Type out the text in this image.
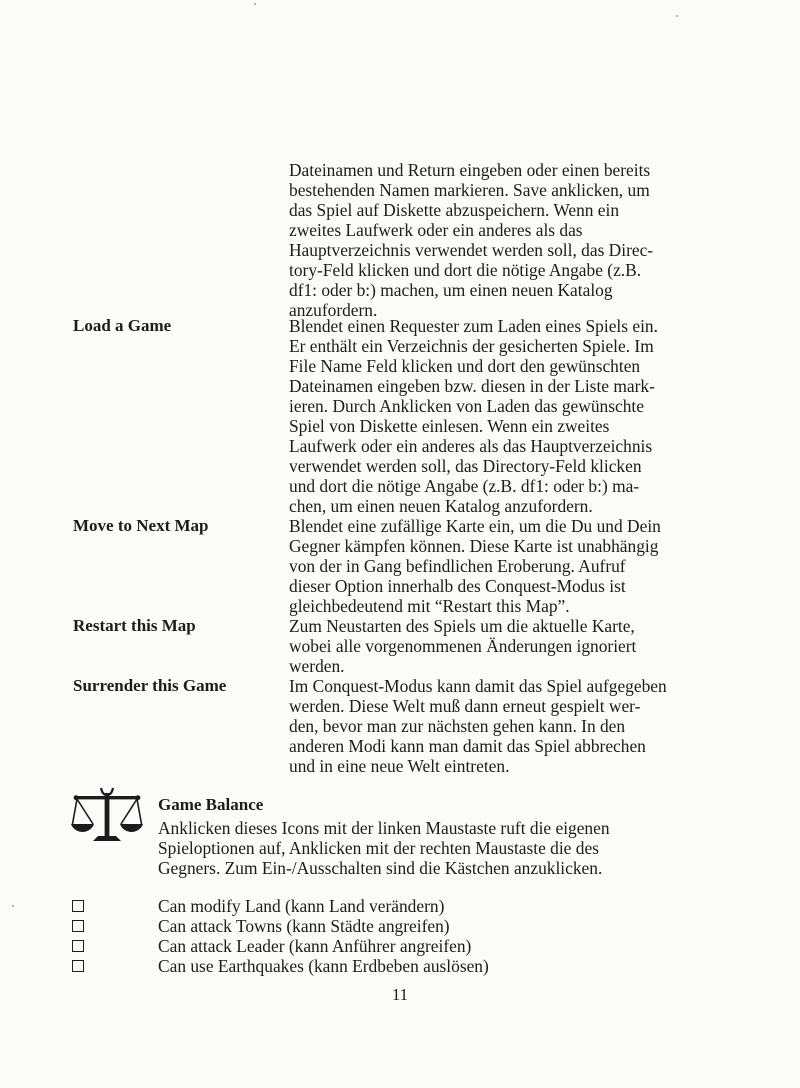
Dateinamen und Return eingeben oder einen bereits

bestehenden Namen markieren. Save anklicken, um

das Spiel auf Diskette abzuspeichern. Wenn ein

zweites Laufwerk oder ein anderes als das

Hauptverzeichnis verwendet werden soll, das Direc-

tory-Feld klicken und dort die nötige Angabe (z.B.

df1: oder b:) machen, um einen neuen Katalog

anzufordern.

Load a Game	Blendet einen Requester zum Laden eines Spiels ein.

Er enthält ein Verzeichnis der gesicherten Spiele. Im

File Name Feld klicken und dort den gewünschten

Dateinamen eingeben bzw. diesen in der Liste mark-

ieren. Durch Anklicken von Laden das gewünschte

Spiel von Diskette einlesen. Wenn ein zweites

Laufwerk oder ein anderes als das Hauptverzeichnis

verwendet werden soll, das Directory-Feld klicken

und dort die nötige Angabe (z.B. df1: oder b:) ma-

chen, um einen neuen Katalog anzufordern.

Move to Next Map	Blendet eine zufällige Karte ein, um die Du und Dein

Gegner kämpfen können. Diese Karte ist unabhängig

von der in Gang befindlichen Eroberung. Aufruf

dieser Option innerhalb des Conquest-Modus ist

gleichbedeutend mit “Restart this Map”.

Restart this Map	Zum Neustarten des Spiels um die aktuelle Karte,

wobei alle vorgenommenen Änderungen ignoriert

werden.

Surrender this Game	Im Conquest-Modus kann damit das Spiel aufgegeben

werden. Diese Welt muß dann erneut gespielt wer-

den, bevor man zur nächsten gehen kann. In den

anderen Modi kann man damit das Spiel abbrechen

und in eine neue Welt eintreten.

Game Balance

Anklicken dieses Icons mit der linken Maustaste ruft die eigenen

Spieloptionen auf, Anklicken mit der rechten Maustaste die des

Gegners. Zum Ein-/Ausschalten sind die Kästchen anzuklicken.

Can modify Land (kann Land verändern)
Can attack Towns (kann Städte angreifen)
Can attack Leader (kann Anführer angreifen)
Can use Earthquakes (kann Erdbeben auslösen)
11
